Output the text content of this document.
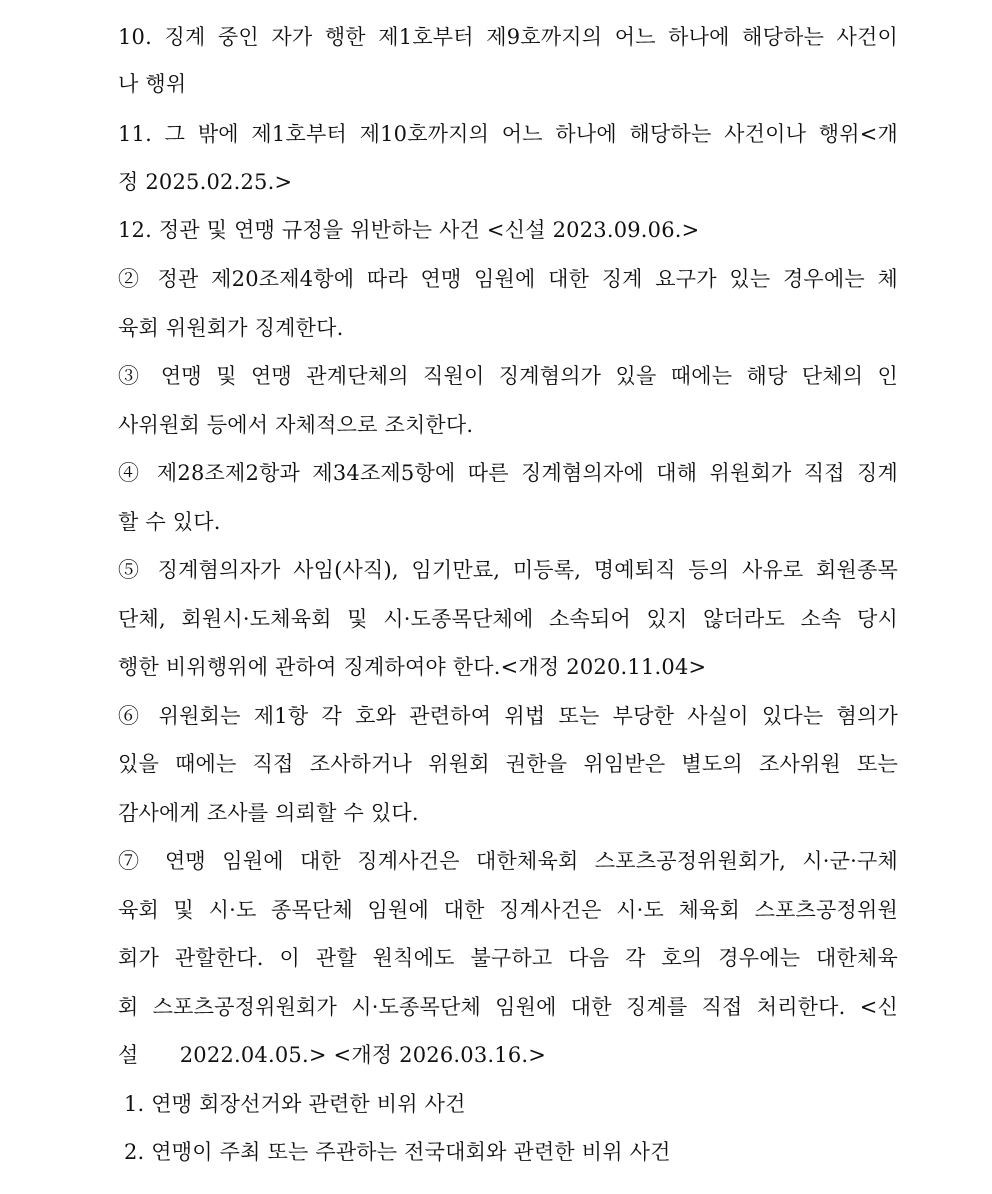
10. 징계 중인 자가 행한 제1호부터 제9호까지의 어느 하나에 해당하는 사건이
나 행위
11. 그 밖에 제1호부터 제10호까지의 어느 하나에 해당하는 사건이나 행위<개
정 2025.02.25.>
12. 정관 및 연맹 규정을 위반하는 사건 <신설 2023.09.06.>
② 정관 제20조제4항에 따라 연맹 임원에 대한 징계 요구가 있는 경우에는 체
육회 위원회가 징계한다.
③ 연맹 및 연맹 관계단체의 직원이 징계혐의가 있을 때에는 해당 단체의 인
사위원회 등에서 자체적으로 조치한다.
④ 제28조제2항과 제34조제5항에 따른 징계혐의자에 대해 위원회가 직접 징계
할 수 있다.
⑤ 징계혐의자가 사임(사직), 임기만료, 미등록, 명예퇴직 등의 사유로 회원종목
단체, 회원시·도체육회 및 시·도종목단체에 소속되어 있지 않더라도 소속 당시
행한 비위행위에 관하여 징계하여야 한다.<개정 2020.11.04>
⑥ 위원회는 제1항 각 호와 관련하여 위법 또는 부당한 사실이 있다는 혐의가
있을 때에는 직접 조사하거나 위원회 권한을 위임받은 별도의 조사위원 또는
감사에게 조사를 의뢰할 수 있다.
⑦ 연맹 임원에 대한 징계사건은 대한체육회 스포츠공정위원회가, 시·군·구체
육회 및 시·도 종목단체 임원에 대한 징계사건은 시·도 체육회 스포츠공정위원
회가 관할한다. 이 관할 원칙에도 불구하고 다음 각 호의 경우에는 대한체육
회 스포츠공정위원회가 시·도종목단체 임원에 대한 징계를 직접 처리한다. <신
설      2022.04.05.> <개정 2026.03.16.>
1. 연맹 회장선거와 관련한 비위 사건
2. 연맹이 주최 또는 주관하는 전국대회와 관련한 비위 사건
